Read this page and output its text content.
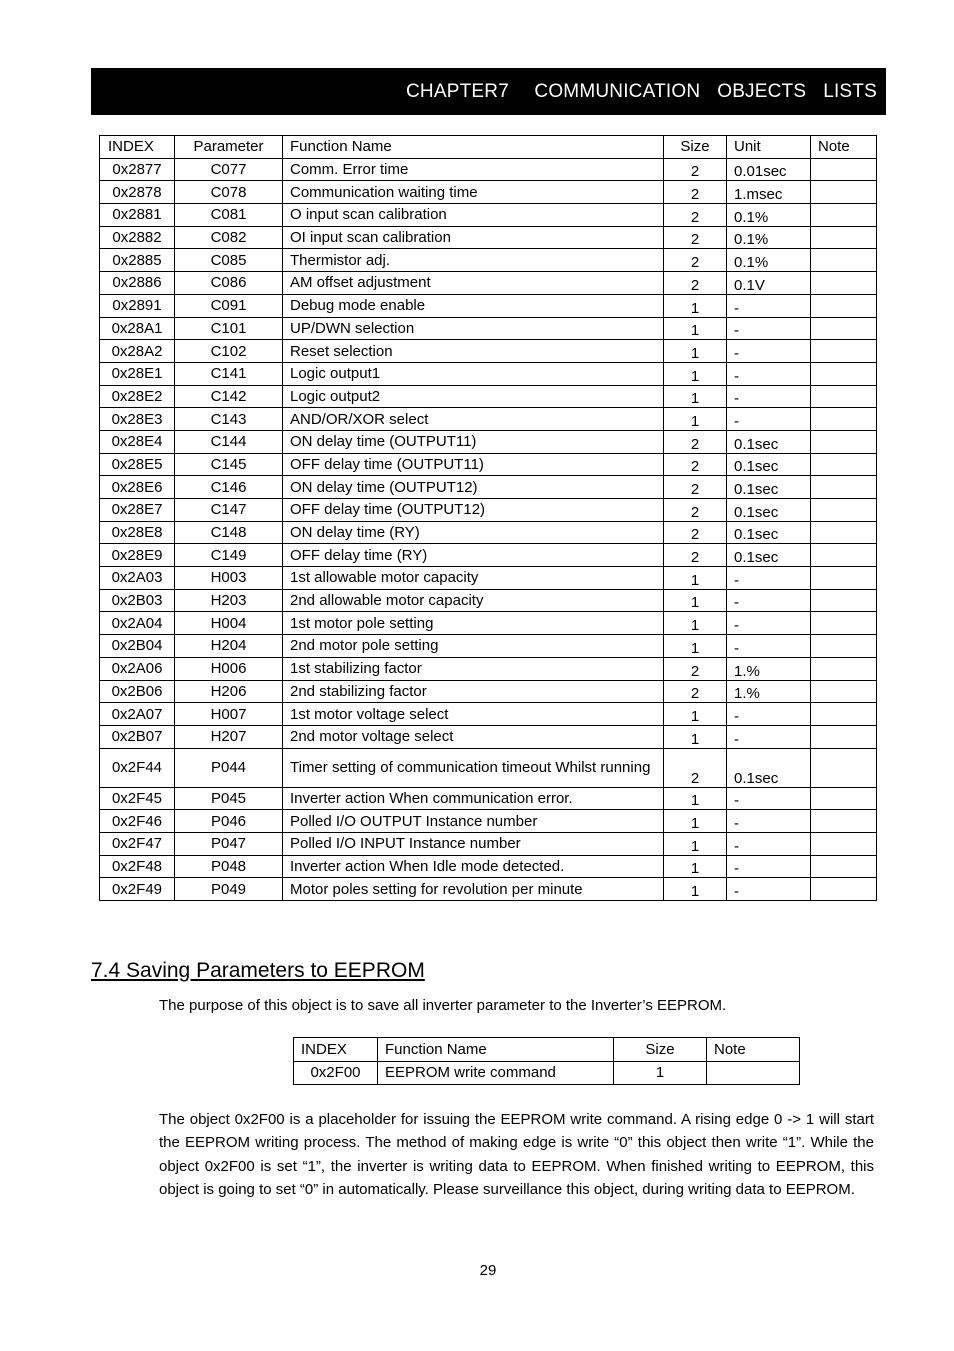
CHAPTER7   COMMUNICATION  OBJECTS  LISTS
INDEX	Parameter	Function Name	Size	Unit	Note
0x2877	C077	Comm. Error time	2	0.01sec	
0x2878	C078	Communication waiting time	2	1.msec	
0x2881	C081	O input scan calibration	2	0.1%	
0x2882	C082	OI input scan calibration	2	0.1%	
0x2885	C085	Thermistor adj.	2	0.1%	
0x2886	C086	AM offset adjustment	2	0.1V	
0x2891	C091	Debug mode enable	1	-	
0x28A1	C101	UP/DWN selection	1	-	
0x28A2	C102	Reset selection	1	-	
0x28E1	C141	Logic output1	1	-	
0x28E2	C142	Logic output2	1	-	
0x28E3	C143	AND/OR/XOR select	1	-	
0x28E4	C144	ON delay time (OUTPUT11)	2	0.1sec	
0x28E5	C145	OFF delay time (OUTPUT11)	2	0.1sec	
0x28E6	C146	ON delay time (OUTPUT12)	2	0.1sec	
0x28E7	C147	OFF delay time (OUTPUT12)	2	0.1sec	
0x28E8	C148	ON delay time (RY)	2	0.1sec	
0x28E9	C149	OFF delay time (RY)	2	0.1sec	
0x2A03	H003	1st allowable motor capacity	1	-	
0x2B03	H203	2nd allowable motor capacity	1	-	
0x2A04	H004	1st motor pole setting	1	-	
0x2B04	H204	2nd motor pole setting	1	-	
0x2A06	H006	1st stabilizing factor	2	1.%	
0x2B06	H206	2nd stabilizing factor	2	1.%	
0x2A07	H007	1st motor voltage select	1	-	
0x2B07	H207	2nd motor voltage select	1	-	
0x2F44	P044	Timer setting of communication timeout Whilst running	2	0.1sec	
0x2F45	P045	Inverter action When communication error.	1	-	
0x2F46	P046	Polled I/O OUTPUT Instance number	1	-	
0x2F47	P047	Polled I/O INPUT Instance number	1	-	
0x2F48	P048	Inverter action When Idle mode detected.	1	-	
0x2F49	P049	Motor poles setting for revolution per minute	1	-	
7.4 Saving Parameters to EEPROM

The purpose of this object is to save all inverter parameter to the Inverter’s EEPROM.

INDEX	Function Name	Size	Note
0x2F00	EEPROM write command	1	

The object 0x2F00 is a placeholder for issuing the EEPROM write command. A rising edge 0 -> 1 will start the EEPROM writing process. The method of making edge is write “0” this object then write “1”. While the object 0x2F00 is set “1”, the inverter is writing data to EEPROM. When finished writing to EEPROM, this object is going to set “0” in automatically. Please surveillance this object, during writing data to EEPROM.

29
